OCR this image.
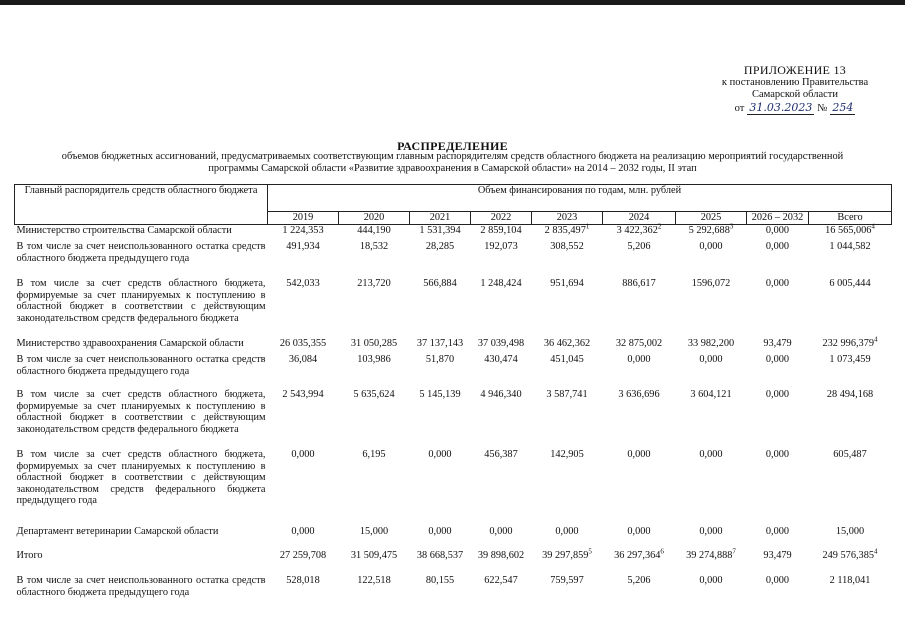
ПРИЛОЖЕНИЕ 13
к постановлению Правительства
Самарской области
от 31.03.2023 № 254
РАСПРЕДЕЛЕНИЕ
объемов бюджетных ассигнований, предусматриваемых соответствующим главным распорядителям средств областного бюджета на реализацию мероприятий государственной программы Самарской области «Развитие здравоохранения в Самарской области» на 2014 – 2032 годы, II этап
Главный распорядитель средств областного бюджета	Объем финансирования по годам, млн. рублей								
	2019	2020	2021	2022	2023	2024	2025	2026 – 2032	Всего
Министерство строительства Самарской области	1 224,353	444,190	1 531,394	2 859,104	2 835,497$^1$	3 422,362$^2$	5 292,688$^3$	0,000	16 565,006$^4$
В том числе за счет неиспользованного остатка средств областного бюджета предыдущего года	491,934	18,532	28,285	192,073	308,552	5,206	0,000	0,000	1 044,582
В том числе за счет средств областного бюджета, формируемые за счет планируемых к поступлению в областной бюджет в соответствии с действующим законодательством средств федерального бюджета	542,033	213,720	566,884	1 248,424	951,694	886,617	1596,072	0,000	6 005,444
Министерство здравоохранения Самарской области	26 035,355	31 050,285	37 137,143	37 039,498	36 462,362	32 875,002	33 982,200	93,479	232 996,379$^4$
В том числе за счет неиспользованного остатка средств областного бюджета предыдущего года	36,084	103,986	51,870	430,474	451,045	0,000	0,000	0,000	1 073,459
В том числе за счет средств областного бюджета, формируемые за счет планируемых к поступлению в областной бюджет в соответствии с действующим законодательством средств федерального бюджета	2 543,994	5 635,624	5 145,139	4 946,340	3 587,741	3 636,696	3 604,121	0,000	28 494,168
В том числе за счет средств областного бюджета, формируемых за счет планируемых к поступлению в областной бюджет в соответствии с действующим законодательством средств федерального бюджета предыдущего года	0,000	6,195	0,000	456,387	142,905	0,000	0,000	0,000	605,487
Департамент ветеринарии Самарской области	0,000	15,000	0,000	0,000	0,000	0,000	0,000	0,000	15,000
Итого	27 259,708	31 509,475	38 668,537	39 898,602	39 297,859$^5$	36 297,364$^6$	39 274,888$^7$	93,479	249 576,385$^4$
В том числе за счет неиспользованного остатка средств областного бюджета предыдущего года	528,018	122,518	80,155	622,547	759,597	5,206	0,000	0,000	2 118,041
